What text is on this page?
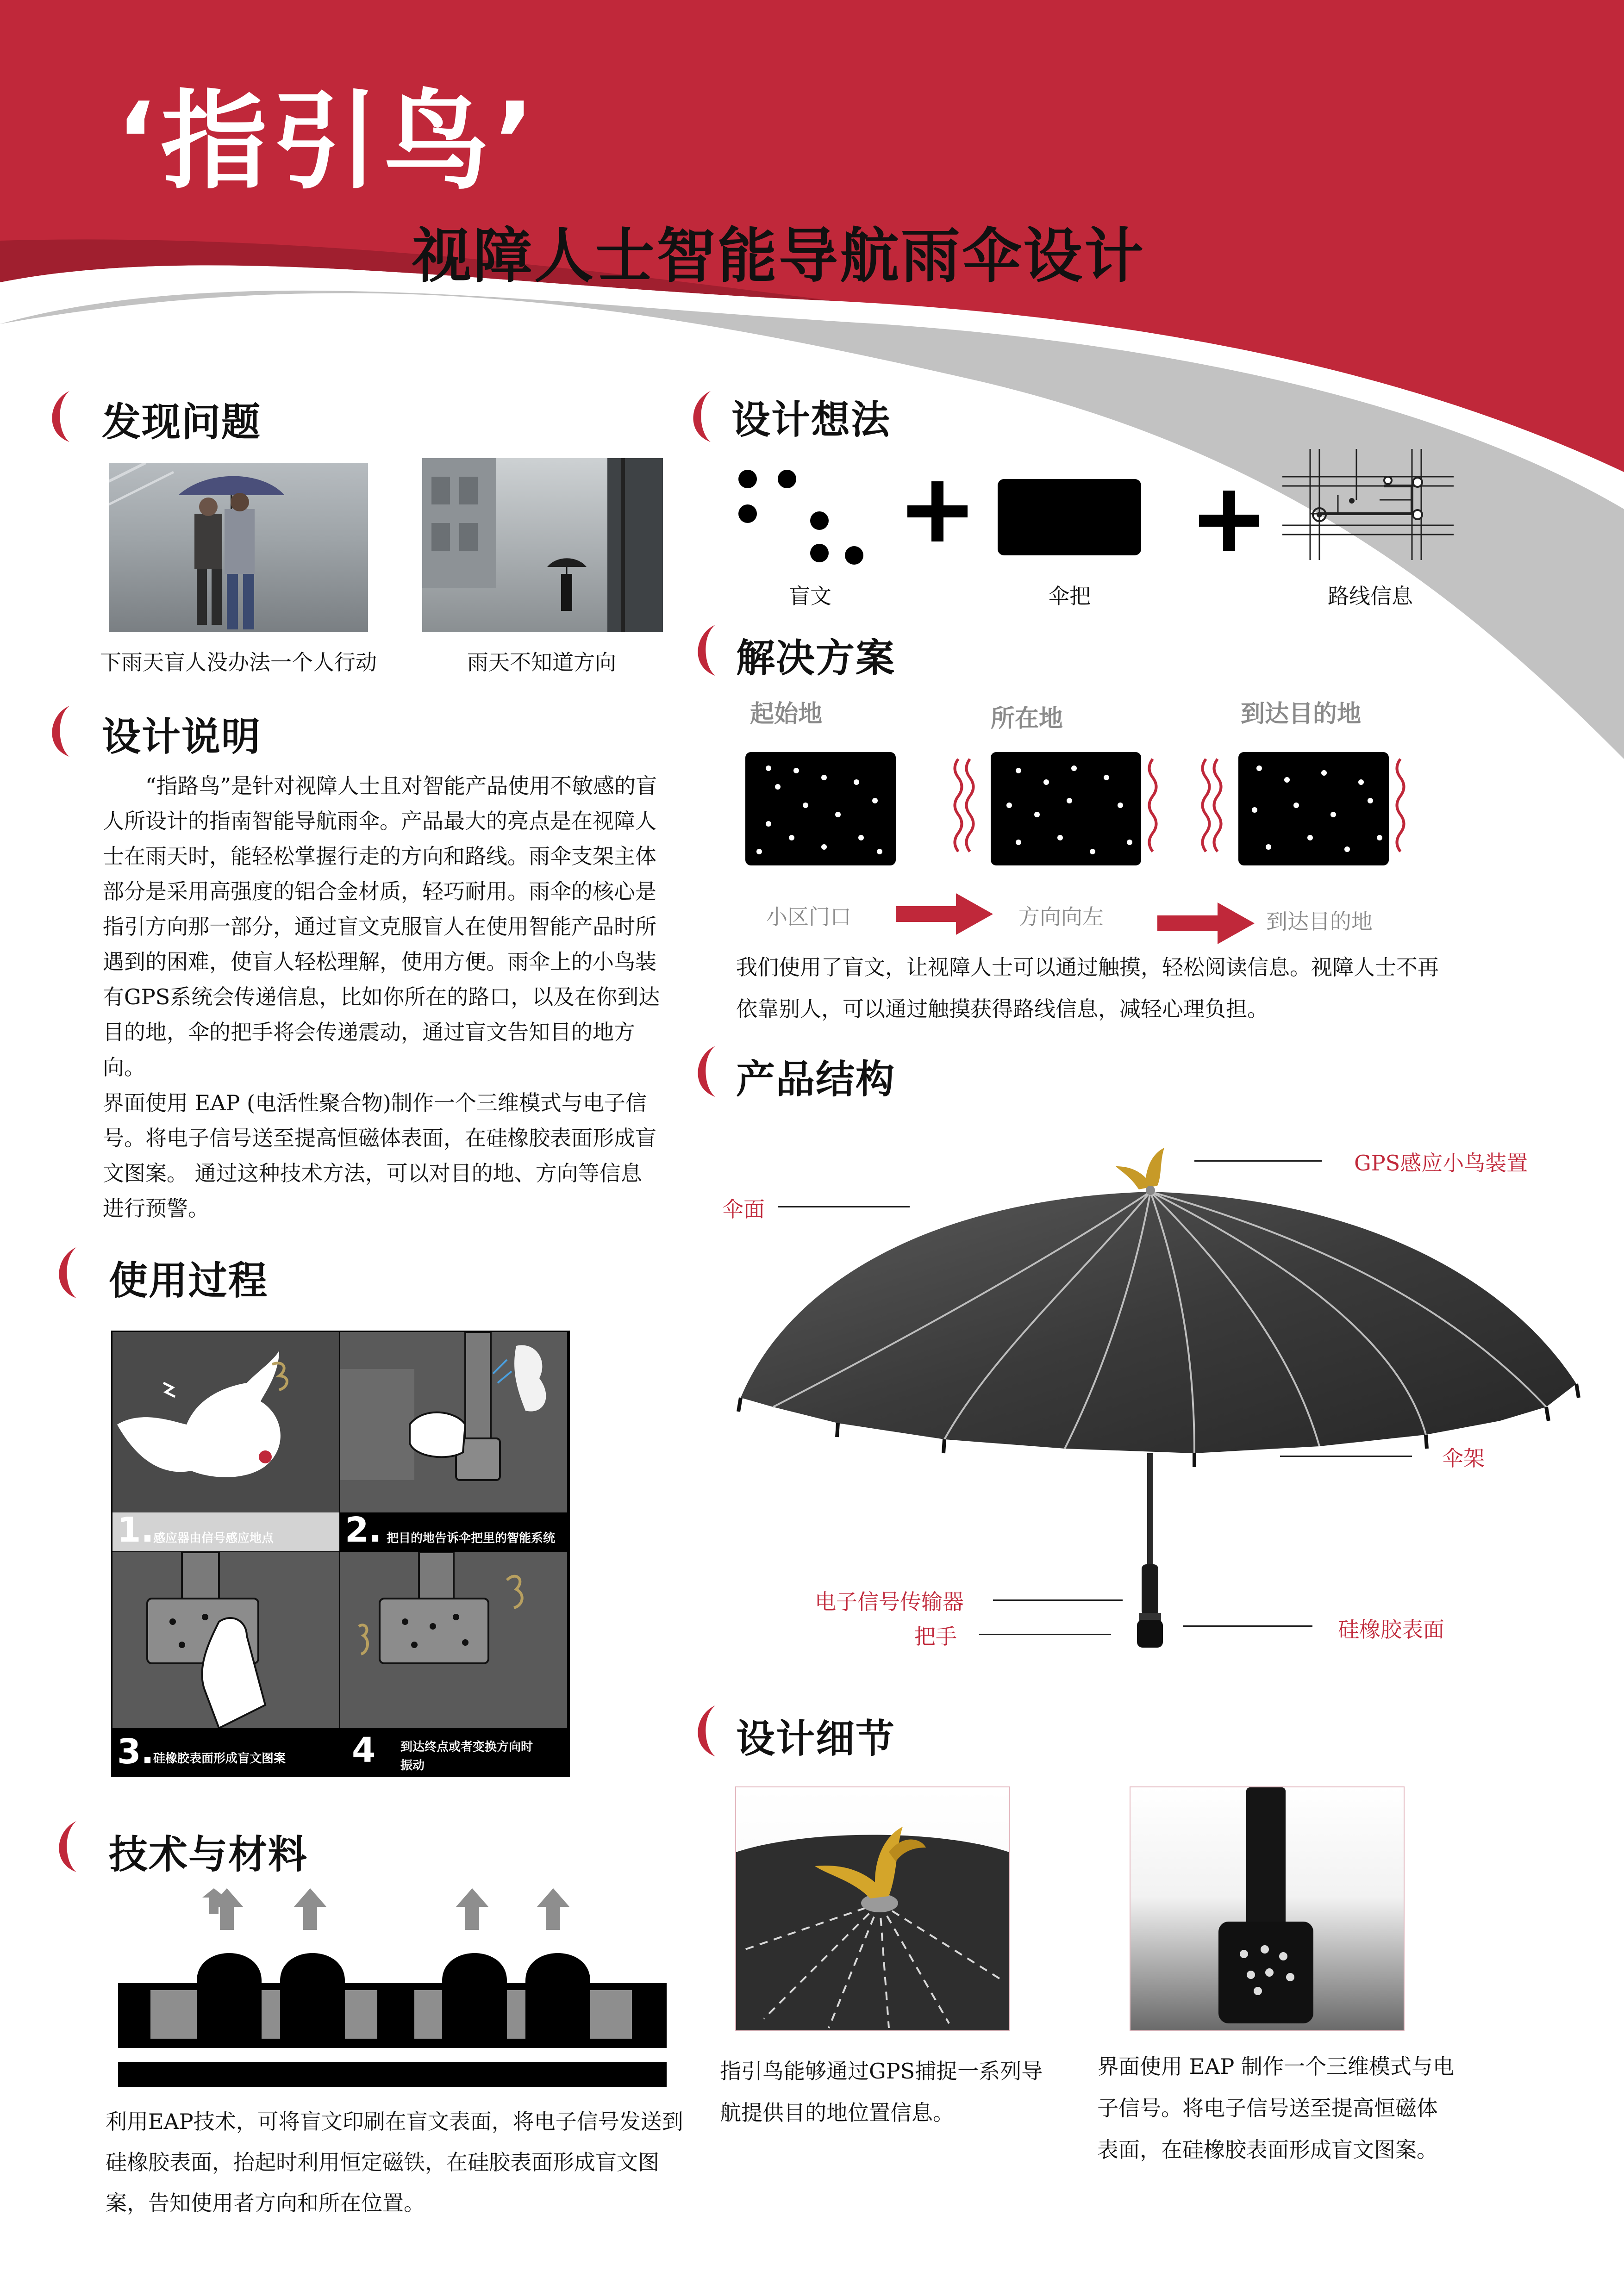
‘指引鸟’
视障人士智能导航雨伞设计
发现问题
下雨天盲人没办法一个人行动	雨天不知道方向
设计说明
“指路鸟”是针对视障人士且对智能产品使用不敏感的盲人所设计的指南智能导航雨伞。产品最大的亮点是在视障人士在雨天时，能轻松掌握行走的方向和路线。雨伞支架主体部分是采用高强度的铝合金材质，轻巧耐用。雨伞的核心是指引方向那一部分，通过盲文克服盲人在使用智能产品时所遇到的困难，使盲人轻松理解，使用方便。雨伞上的小鸟装有GPS系统会传递信息，比如你所在的路口，以及在你到达目的地，伞的把手将会传递震动，通过盲文告知目的地方向。
界面使用 EAP (电活性聚合物)制作一个三维模式与电子信号。将电子信号送至提高恒磁体表面，在硅橡胶表面形成盲文图案。 通过这种技术方法，可以对目的地、方向等信息进行预警。
使用过程
1.
感应器由信号感应地点 2. 把目的地告诉伞把里的智能系统
3.
硅橡胶表面形成盲文图案 4 到达终点或者变换方向时
振动
技术与材料
利用EAP技术，可将盲文印刷在盲文表面，将电子信号发送到硅橡胶表面，抬起时利用恒定磁铁，在硅胶表面形成盲文图案，告知使用者方向和所在位置。
设计想法
盲文	伞把	路线信息
解决方案
起始地	所在地	到达目的地
小区门口	方向向左	到达目的地
我们使用了盲文，让视障人士可以通过触摸，轻松阅读信息。视障人士不再依靠别人，可以通过触摸获得路线信息，减轻心理负担。
产品结构
GPS感应小鸟装置
伞面
伞架
电子信号传输器
把手	硅橡胶表面
设计细节
指引鸟能够通过GPS捕捉一系列导航提供目的地位置信息。
界面使用 EAP 制作一个三维模式与电子信号。将电子信号送至提高恒磁体表面，在硅橡胶表面形成盲文图案。
